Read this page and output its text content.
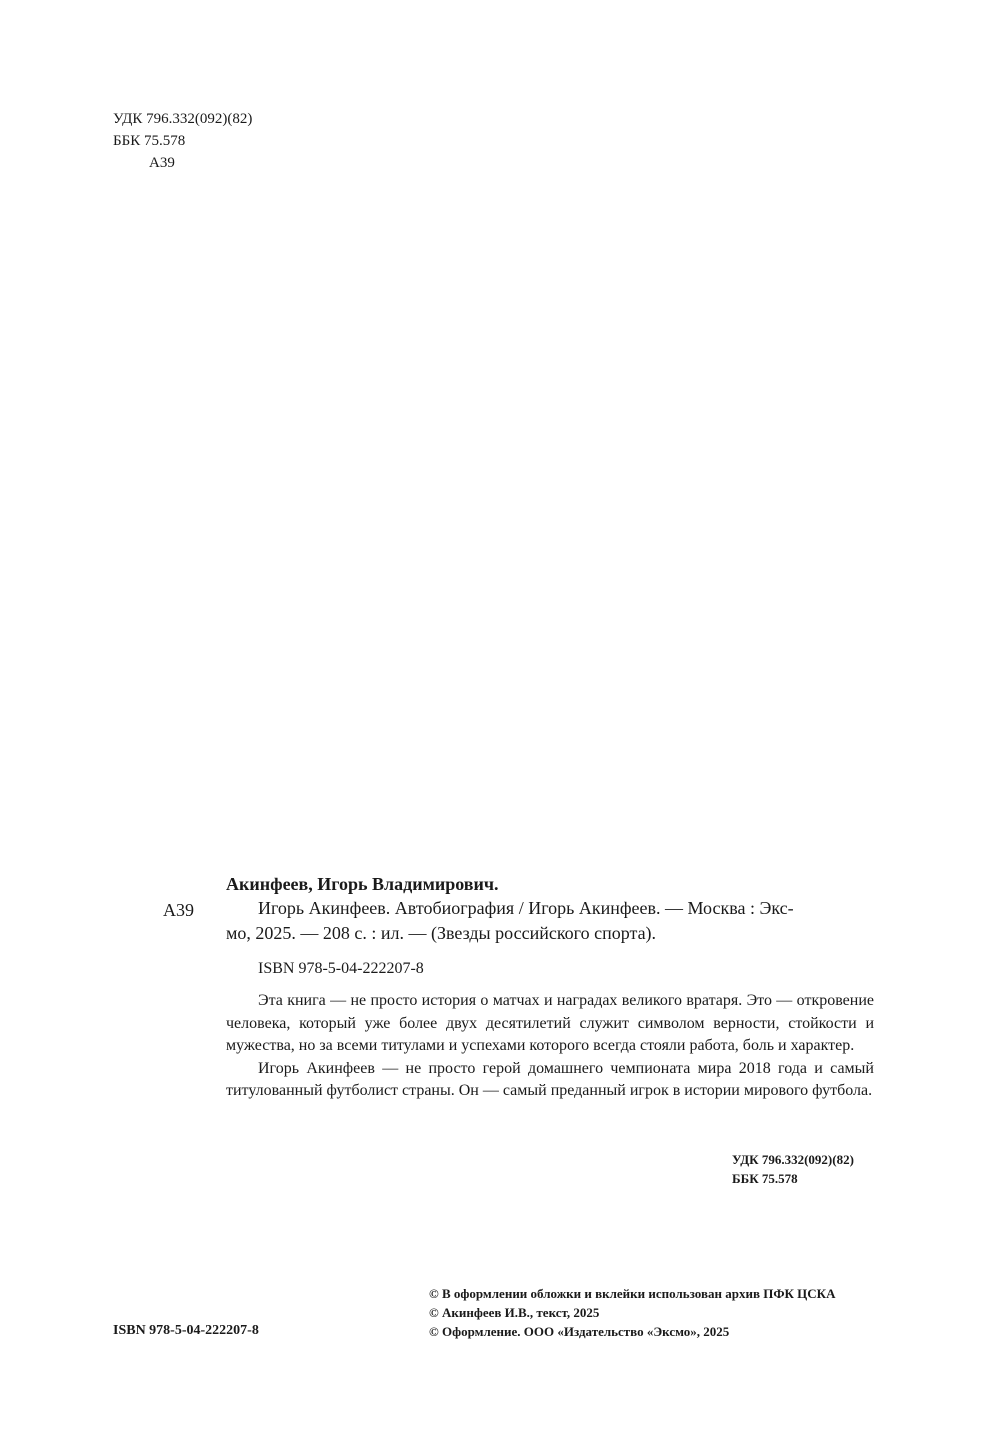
УДК 796.332(092)(82)
ББК 75.578
А39
Акинфеев, Игорь Владимирович.
А39	Игорь Акинфеев. Автобиография / Игорь Акинфеев. — Москва : Экс-
мо, 2025. — 208 с. : ил. — (Звезды российского спорта).
ISBN 978-5-04-222207-8

Эта книга — не просто история о матчах и наградах великого вратаря. Это — откровение человека, который уже более двух десятилетий служит символом верности, стойкости и мужества, но за всеми титулами и успехами которого всегда стояли работа, боль и характер.

Игорь Акинфеев — не просто герой домашнего чемпионата мира 2018 года и самый титулованный футболист страны. Он — самый преданный игрок в истории мирового футбола.

УДК 796.332(092)(82)
ББК 75.578
© В оформлении обложки и вклейки использован архив ПФК ЦСКА
© Акинфеев И.В., текст, 2025
© Оформление. ООО «Издательство «Эксмо», 2025
ISBN 978-5-04-222207-8
